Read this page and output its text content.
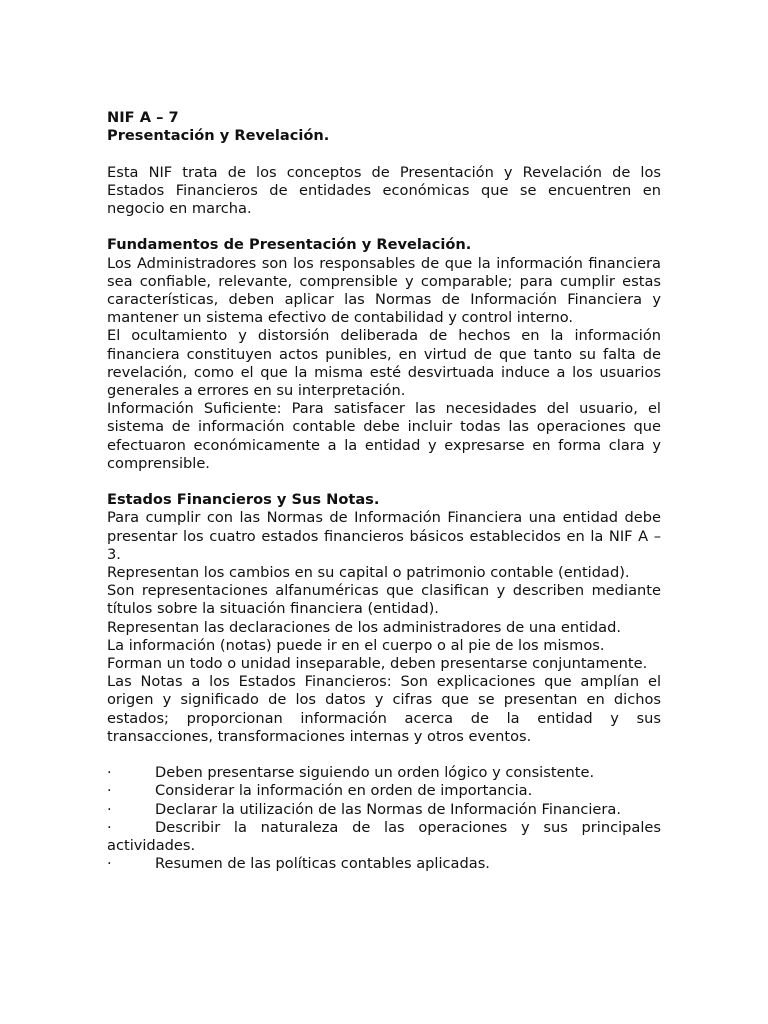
NIF A – 7
Presentación y Revelación.

Esta NIF trata de los conceptos de Presentación y Revelación de los Estados Financieros de entidades económicas que se encuentren en negocio en marcha.

Fundamentos de Presentación y Revelación.

Los Administradores son los responsables de que la información financiera sea confiable, relevante, comprensible y comparable; para cumplir estas características, deben aplicar las Normas de Información Financiera y mantener un sistema efectivo de contabilidad y control interno.

El ocultamiento y distorsión deliberada de hechos en la información financiera constituyen actos punibles, en virtud de que tanto su falta de revelación, como el que la misma esté desvirtuada induce a los usuarios generales a errores en su interpretación.

Información Suficiente: Para satisfacer las necesidades del usuario, el sistema de información contable debe incluir todas las operaciones que efectuaron económicamente a la entidad y expresarse en forma clara y comprensible.

Estados Financieros y Sus Notas.

Para cumplir con las Normas de Información Financiera una entidad debe presentar los cuatro estados financieros básicos establecidos en la NIF A – 3.

Representan los cambios en su capital o patrimonio contable (entidad).

Son representaciones alfanuméricas que clasifican y describen mediante títulos sobre la situación financiera (entidad).

Representan las declaraciones de los administradores de una entidad.

La información (notas) puede ir en el cuerpo o al pie de los mismos.

Forman un todo o unidad inseparable, deben presentarse conjuntamente.

Las Notas a los Estados Financieros: Son explicaciones que amplían el origen y significado de los datos y cifras que se presentan en dichos estados; proporcionan información acerca de la entidad y sus transacciones, transformaciones internas y otros eventos.

·	Deben presentarse siguiendo un orden lógico y consistente.

·	Considerar la información en orden de importancia.

·	Declarar la utilización de las Normas de Información Financiera.

·	Describir la naturaleza de las operaciones y sus principales actividades.

·	Resumen de las políticas contables aplicadas.
